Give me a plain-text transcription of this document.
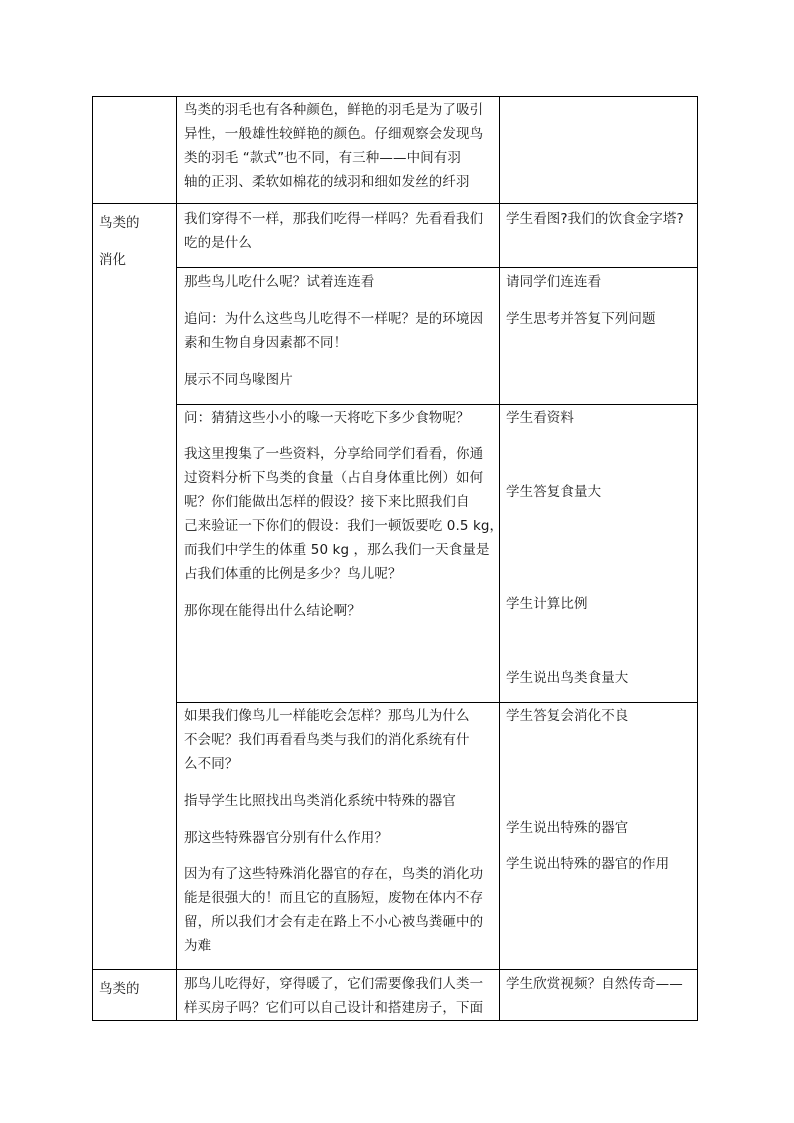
鸟类的羽毛也有各种颜色，鲜艳的羽毛是为了吸引
异性，一般雄性较鲜艳的颜色。仔细观察会发现鸟
类的羽毛 “款式”也不同，有三种——中间有羽
轴的正羽、柔软如棉花的绒羽和细如发丝的纤羽
鸟类的
消化
我们穿得不一样，那我们吃得一样吗？先看看我们
吃的是什么
学生看图?我们的饮食金字塔?
那些鸟儿吃什么呢？试着连连看
追问：为什么这些鸟儿吃得不一样呢？是的环境因
素和生物自身因素都不同！
展示不同鸟喙图片
请同学们连连看
学生思考并答复下列问题
问：猜猜这些小小的喙一天将吃下多少食物呢？
我这里搜集了一些资料，分享给同学们看看，你通
过资料分析下鸟类的食量（占自身体重比例）如何
呢？你们能做出怎样的假设？接下来比照我们自
己来验证一下你们的假设：我们一顿饭要吃 0.5 kg，
而我们中学生的体重 50 kg ，那么我们一天食量是
占我们体重的比例是多少？鸟儿呢？
那你现在能得出什么结论啊？
学生看资料
学生答复食量大
学生计算比例
学生说出鸟类食量大
如果我们像鸟儿一样能吃会怎样？那鸟儿为什么
不会呢？我们再看看鸟类与我们的消化系统有什
么不同？
指导学生比照找出鸟类消化系统中特殊的器官
那这些特殊器官分别有什么作用？
因为有了这些特殊消化器官的存在，鸟类的消化功
能是很强大的！而且它的直肠短，废物在体内不存
留，所以我们才会有走在路上不小心被鸟粪砸中的
为难
学生答复会消化不良
学生说出特殊的器官
学生说出特殊的器官的作用
鸟类的	那鸟儿吃得好，穿得暖了，它们需要像我们人类一
样买房子吗？它们可以自己设计和搭建房子，下面
学生欣赏视频？自然传奇——
